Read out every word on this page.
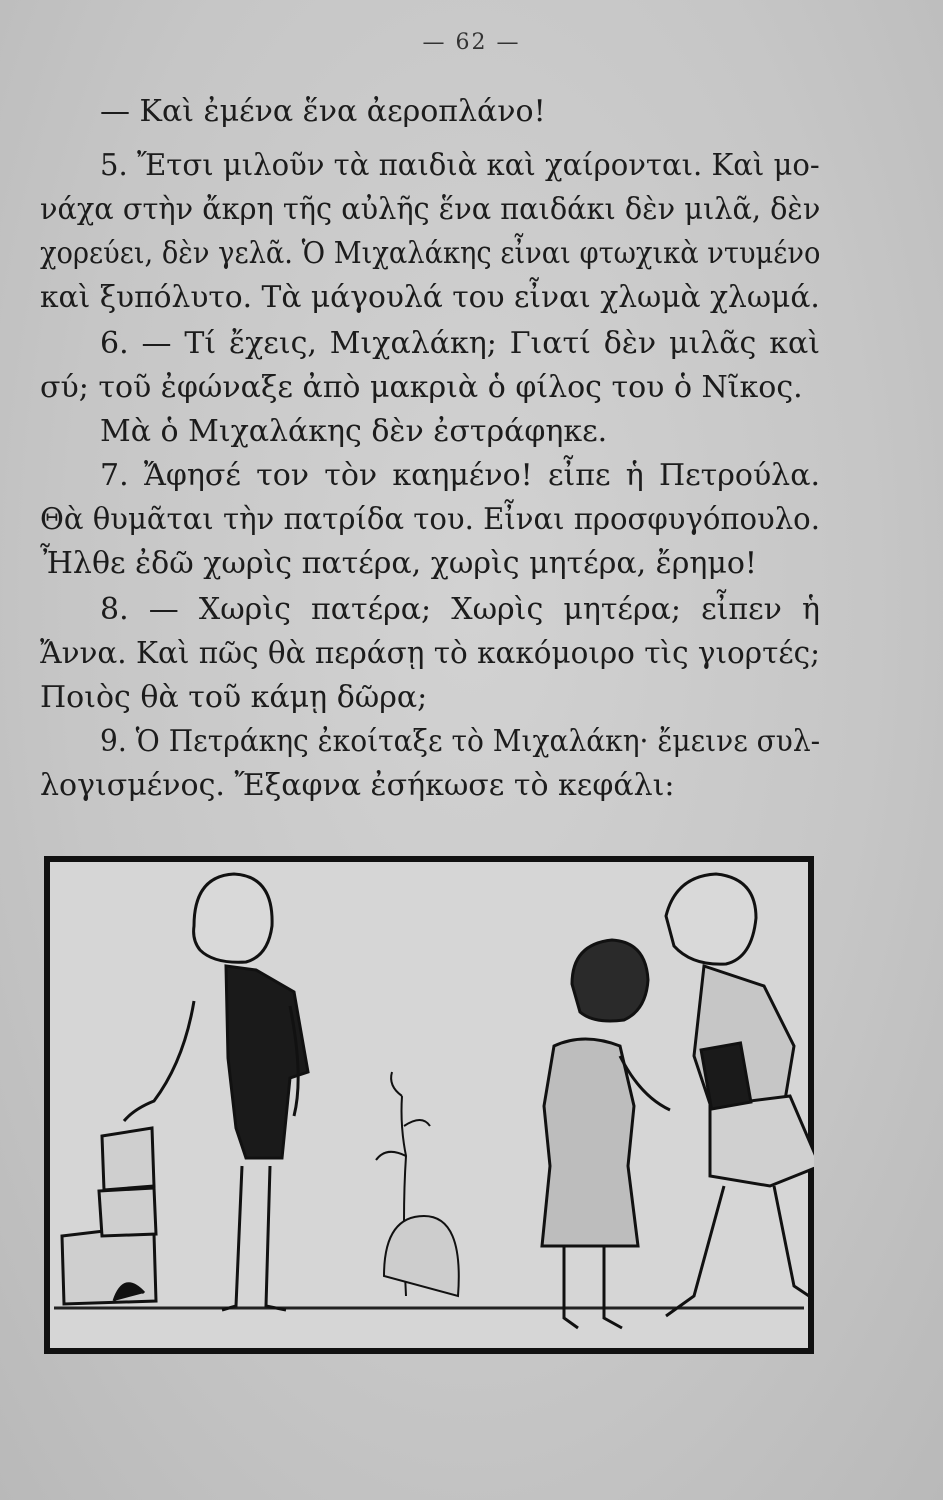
— 62 —
— Καὶ ἐμένα ἕνα ἀεροπλάνο!
5. Ἔτσι μιλοῦν τὰ παιδιὰ καὶ χαίρονται. Καὶ μο-
νάχα στὴν ἄκρη τῆς αὐλῆς ἕνα παιδάκι δὲν μιλᾶ, δὲν
χορεύει, δὲν γελᾶ. Ὁ Μιχαλάκης εἶναι φτωχικὰ ντυμένο
καὶ ξυπόλυτο. Τὰ μάγουλά του εἶναι χλωμὰ χλωμά.
6. — Τί ἔχεις, Μιχαλάκη; Γιατί δὲν μιλᾶς καὶ
σύ; τοῦ ἐφώναξε ἀπὸ μακριὰ ὁ φίλος του ὁ Νῖκος.
Μὰ ὁ Μιχαλάκης δὲν ἐστράφηκε.
7. Ἄφησέ τον τὸν καημένο! εἶπε ἡ Πετρούλα.
Θὰ θυμᾶται τὴν πατρίδα του. Εἶναι προσφυγόπουλο.
Ἦλθε ἐδῶ χωρὶς πατέρα, χωρὶς μητέρα, ἔρημο!
8. — Χωρὶς πατέρα; Χωρὶς μητέρα; εἶπεν ἡ
Ἄννα. Καὶ πῶς θὰ περάσῃ τὸ κακόμοιρο τὶς γιορτές;
Ποιὸς θὰ τοῦ κάμῃ δῶρα;
9. Ὁ Πετράκης ἐκοίταξε τὸ Μιχαλάκη· ἔμεινε συλ-
λογισμένος. Ἔξαφνα ἐσήκωσε τὸ κεφάλι:
